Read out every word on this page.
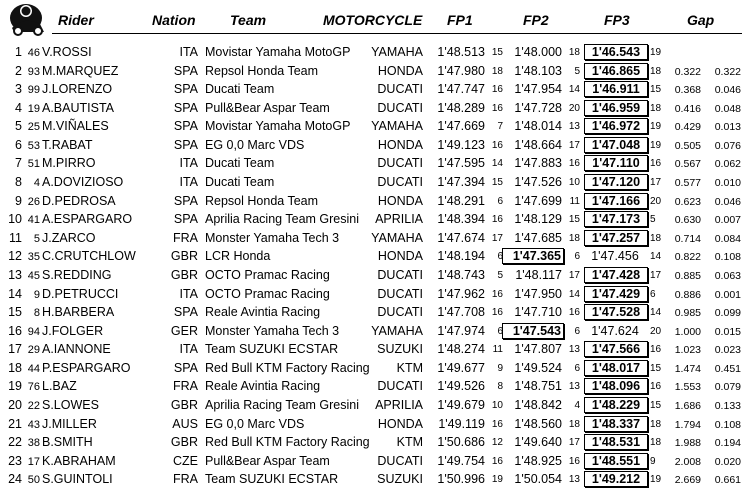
Rider	Nation Team	MOTORCYCLE FP1	FP2	FP3	Gap
1 46 V.ROSSI	ITA Movistar Yamaha MotoGP	YAMAHA	1'48.513 15 1'48.000 18 1'46.543 19
2 93 M.MARQUEZ	SPA Repsol Honda Team	HONDA	1'47.980 18 1'48.103	5 1'46.865 18	0.322	0.322
3 99 J.LORENZO	SPA Ducati Team	DUCATI	1'47.747 16 1'47.954 14 1'46.911	15	0.368	0.046
4 19 A.BAUTISTA	SPA Pull&Bear Aspar Team	DUCATI	1'48.289 16 1'47.728 20 1'46.959 18	0.416	0.048
5 25 M.VIÑALES	SPA Movistar Yamaha MotoGP	YAMAHA	1'47.669	7 1'48.014 13 1'46.972 19	0.429	0.013
6 53 T.RABAT	SPA EG 0,0 Marc VDS	HONDA	1'49.123 16 1'48.664 17 1'47.048 19	0.505	0.076
7 51 M.PIRRO	ITA Ducati Team	DUCATI	1'47.595 14 1'47.883 16 1'47.110	16	0.567	0.062
8	4 A.DOVIZIOSO	ITA Ducati Team	DUCATI	1'47.394 15 1'47.526 10 1'47.120 17	0.577	0.010
9 26 D.PEDROSA	SPA Repsol Honda Team	HONDA	1'48.291	6 1'47.699 11 1'47.166 20	0.623	0.046
10 41 A.ESPARGARO	SPA Aprilia Racing Team Gresini	APRILIA	1'48.394 16 1'48.129 15 1'47.173 5	0.630	0.007
11	5 J.ZARCO	FRA Monster Yamaha Tech 3	YAMAHA	1'47.674 17 1'47.685 18 1'47.257 18	0.714	0.084
12 35 C.CRUTCHLOW	GBR LCR Honda	HONDA	1'48.194	6 1'47.365	6 1'47.456	14	0.822	0.108
13 45 S.REDDING	GBR OCTO Pramac Racing	DUCATI	1'48.743	5 1'48.117 17 1'47.428 17	0.885	0.063
14	9 D.PETRUCCI	ITA OCTO Pramac Racing	DUCATI	1'47.962 16 1'47.950 14 1'47.429 6	0.886	0.001
15	8 H.BARBERA	SPA Reale Avintia Racing	DUCATI	1'47.708 16 1'47.710 16 1'47.528 14	0.985	0.099
16 94 J.FOLGER	GER Monster Yamaha Tech 3	YAMAHA	1'47.974	6 1'47.543	6 1'47.624	20	1.000	0.015
17 29 A.IANNONE	ITA Team SUZUKI ECSTAR	SUZUKI	1'48.274 11 1'47.807 13 1'47.566 16	1.023	0.023
18 44 P.ESPARGARO	SPA Red Bull KTM Factory Racing	KTM	1'49.677	9 1'49.524	6 1'48.017 15	1.474	0.451
19 76 L.BAZ	FRA Reale Avintia Racing	DUCATI	1'49.526	8 1'48.751 13 1'48.096 16	1.553	0.079
20 22 S.LOWES	GBR Aprilia Racing Team Gresini	APRILIA	1'49.679 10 1'48.842	4 1'48.229 15	1.686	0.133
21 43 J.MILLER	AUS EG 0,0 Marc VDS	HONDA	1'49.119 16 1'48.560 18 1'48.337 18	1.794	0.108
22 38 B.SMITH	GBR Red Bull KTM Factory Racing	KTM	1'50.686 12 1'49.640 17 1'48.531 18	1.988	0.194
23 17 K.ABRAHAM	CZE Pull&Bear Aspar Team	DUCATI	1'49.754 16 1'48.925 16 1'48.551 9	2.008	0.020
24 50 S.GUINTOLI	FRA Team SUZUKI ECSTAR	SUZUKI	1'50.996 19 1'50.054 13 1'49.212 19	2.669	0.661
